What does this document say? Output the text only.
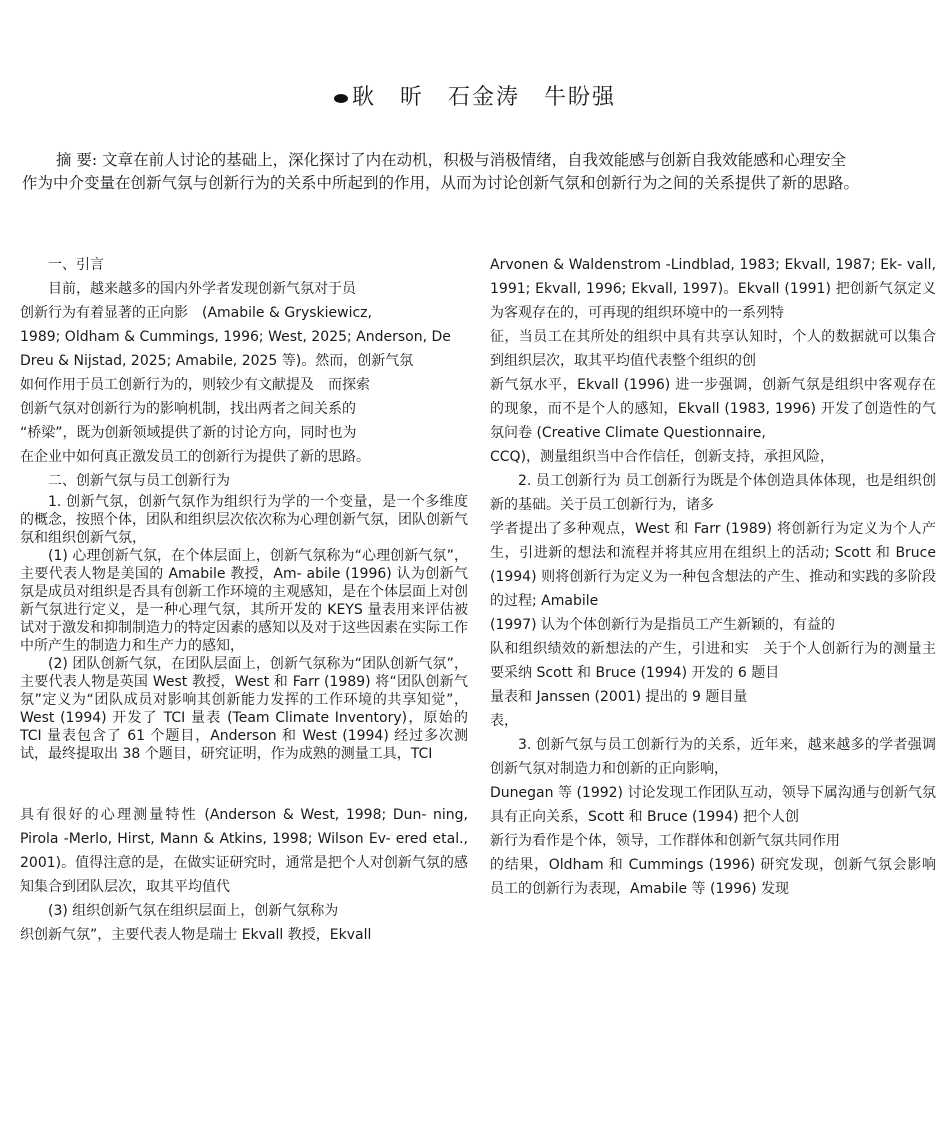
耿　昕　石金涛　牛盼强
摘 要: 文章在前人讨论的基础上，深化探讨了内在动机，积极与消极情绪，自我效能感与创新自我效能感和心理安全
作为中介变量在创新气氛与创新行为的关系中所起到的作用，从而为讨论创新气氛和创新行为之间的关系提供了新的思路。

一、引言

目前，越来越多的国内外学者发现创新气氛对于员

创新行为有着显著的正向影　(Amabile & Gryskiewicz,

1989; Oldham & Cummings, 1996; West, 2025; Anderson, De

Dreu & Nijstad, 2025; Amabile, 2025 等)。然而，创新气氛

如何作用于员工创新行为的，则较少有文献提及　而探索

创新气氛对创新行为的影响机制，找出两者之间关系的

“桥梁”，既为创新领域提供了新的讨论方向，同时也为

在企业中如何真正激发员工的创新行为提供了新的思路。

二、创新气氛与员工创新行为

1. 创新气氛，创新气氛作为组织行为学的一个变量，是一个多维度的概念，按照个体，团队和组织层次依次称为心理创新气氛，团队创新气氛和组织创新气氛，

(1) 心理创新气氛，在个体层面上，创新气氛称为“心理创新气氛”，主要代表人物是美国的 Amabile 教授，Am- abile (1996) 认为创新气氛是成员对组织是否具有创新工作环境的主观感知，是在个体层面上对创新气氛进行定义，是一种心理气氛，其所开发的 KEYS 量表用来评估被试对于激发和抑制制造力的特定因素的感知以及对于这些因素在实际工作中所产生的制造力和生产力的感知，

(2) 团队创新气氛，在团队层面上，创新气氛称为“团队创新气氛”，主要代表人物是英国 West 教授，West 和 Farr (1989) 将“团队创新气氛”定义为“团队成员对影响其创新能力发挥的工作环境的共享知觉”，West (1994) 开发了 TCI 量表 (Team Climate Inventory)，原始的 TCI 量表包含了 61 个题目，Anderson 和 West (1994) 经过多次测试，最终提取出 38 个题目，研究证明，作为成熟的测量工具，TCI

具有很好的心理测量特性 (Anderson & West, 1998; Dun- ning, Pirola -Merlo, Hirst, Mann & Atkins, 1998; Wilson Ev- ered etal., 2001)。值得注意的是，在做实证研究时，通常是把个人对创新气氛的感知集合到团队层次，取其平均值代

(3) 组织创新气氛在组织层面上，创新气氛称为

织创新气氛”，主要代表人物是瑞士 Ekvall 教授，Ekvall

Arvonen & Waldenstrom -Lindblad, 1983; Ekvall, 1987; Ek- vall, 1991; Ekvall, 1996; Ekvall, 1997)。Ekvall (1991) 把创新气氛定义为客观存在的，可再现的组织环境中的一系列特

征，当员工在其所处的组织中具有共享认知时，个人的数据就可以集合到组织层次，取其平均值代表整个组织的创

新气氛水平，Ekvall (1996) 进一步强调，创新气氛是组织中客观存在的现象，而不是个人的感知，Ekvall (1983, 1996) 开发了创造性的气氛问卷 (Creative Climate Questionnaire,

CCQ)，测量组织当中合作信任，创新支持，承担风险，

2. 员工创新行为 员工创新行为既是个体创造具体体现，也是组织创新的基础。关于员工创新行为，诸多

学者提出了多种观点，West 和 Farr (1989) 将创新行为定义为个人产生，引进新的想法和流程并将其应用在组织上的活动; Scott 和 Bruce (1994) 则将创新行为定义为一种包含想法的产生、推动和实践的多阶段的过程; Amabile

(1997) 认为个体创新行为是指员工产生新颖的，有益的

队和组织绩效的新想法的产生，引进和实　关于个人创新行为的测量主要采纳 Scott 和 Bruce (1994) 开发的 6 题目

量表和 Janssen (2001) 提出的 9 题目量

表，

3. 创新气氛与员工创新行为的关系，近年来，越来越多的学者强调创新气氛对制造力和创新的正向影响，

Dunegan 等 (1992) 讨论发现工作团队互动，领导下属沟通与创新气氛具有正向关系，Scott 和 Bruce (1994) 把个人创

新行为看作是个体，领导，工作群体和创新气氛共同作用

的结果，Oldham 和 Cummings (1996) 研究发现，创新气氛会影响员工的创新行为表现，Amabile 等 (1996) 发现
